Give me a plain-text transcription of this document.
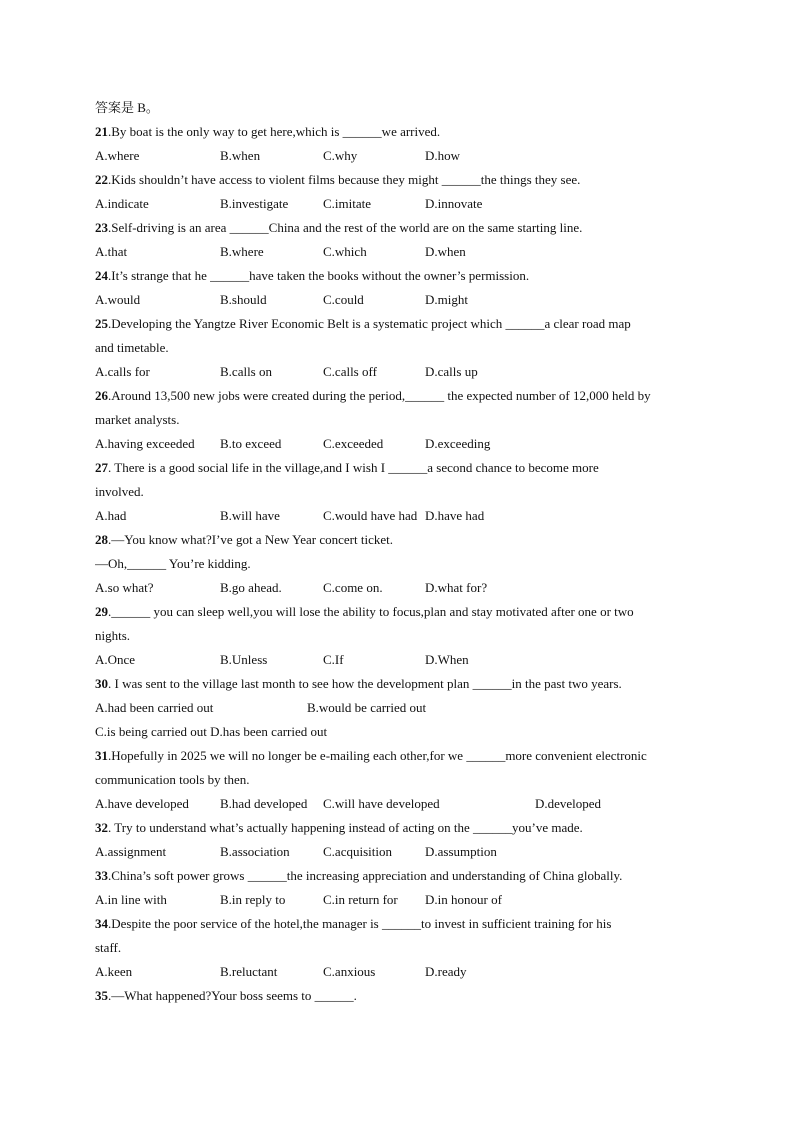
答案是 B。
21.By boat is the only way to get here,which is ______we arrived.
A.where	B.when	C.why	D.how
22.Kids shouldn’t have access to violent films because they might ______the things they see.
A.indicate	B.investigate	C.imitate	D.innovate
23.Self-driving is an area ______China and the rest of the world are on the same starting line.
A.that	B.where	C.which	D.when
24.It’s strange that he ______have taken the books without the owner’s permission.
A.would	B.should	C.could	D.might
25.Developing the Yangtze River Economic Belt is a systematic project which ______a clear road map
and timetable.
A.calls for	B.calls on	C.calls off	D.calls up
26.Around 13,500 new jobs were created during the period,______ the expected number of 12,000 held by
market analysts.
A.having exceeded B.to exceed	C.exceeded	D.exceeding
27. There is a good social life in the village,and I wish I ______a second chance to become more
involved.
A.had	B.will have	C.would have had D.have had
28.—You know what?I’ve got a New Year concert ticket.
—Oh,______ You’re kidding.
A.so what?	B.go ahead.	C.come on.	D.what for?
29.______ you can sleep well,you will lose the ability to focus,plan and stay motivated after one or two
nights.
A.Once	B.Unless	C.If	D.When
30. I was sent to the village last month to see how the development plan ______in the past two years.
A.had been carried out	B.would be carried out
C.is being carried out D.has been carried out
31.Hopefully in 2025 we will no longer be e-mailing each other,for we ______more convenient electronic
communication tools by then.
A.have developed B.had developed C.will have developed	D.developed
32. Try to understand what’s actually happening instead of acting on the ______you’ve made.
A.assignment	B.association	C.acquisition	D.assumption
33.China’s soft power grows ______the increasing appreciation and understanding of China globally.
A.in line with	B.in reply to	C.in return for D.in honour of
34.Despite the poor service of the hotel,the manager is ______to invest in sufficient training for his
staff.
A.keen	B.reluctant	C.anxious	D.ready
35.—What happened?Your boss seems to ______.
